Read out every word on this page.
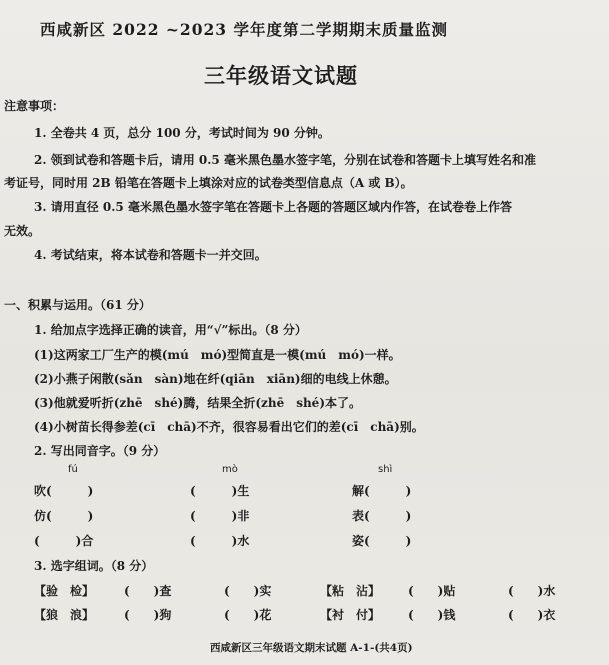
西咸新区 2022 ~2023 学年度第二学期期末质量监测
三年级语文试题
注意事项：
1. 全卷共 4 页，总分 100 分，考试时间为 90 分钟。
2. 领到试卷和答题卡后，请用 0.5 毫米黑色墨水签字笔，分别在试卷和答题卡上填写姓名和准
考证号，同时用 2B 铅笔在答题卡上填涂对应的试卷类型信息点（A 或 B）。
3. 请用直径 0.5 毫米黑色墨水签字笔在答题卡上各题的答题区域内作答，在试卷卷上作答
无效。
4. 考试结束，将本试卷和答题卡一并交回。
一、积累与运用。（61 分）
1. 给加点字选择正确的读音，用“√”标出。（8 分）
(1)这两家工厂生产的模(mú　mó)型简直是一模(mú　mó)一样。
(2)小燕子闲散(sǎn　sàn)地在纤(qiān　xiān)细的电线上休憩。
(3)他就爱听折(zhē　shé)腾，结果全折(zhē　shé)本了。
(4)小树苗长得参差(cī　chā)不齐，很容易看出它们的差(cī　chā)别。
2. 写出同音字。（9 分）
fú	mò	shì
吹(　　　)	(　　　)生	解(　　　)
仿(　　　)	(　　　)非	表(　　　)
(　　　)合	(　　　)水	姿(　　　)
3. 选字组词。（8 分）
【验　检】 (　　)查	(　　)实	【粘　沾】 (　　)贴	(　　)水
【狼　浪】 (　　)狗	(　　)花	【衬　付】 (　　)钱	(　　)衣
西咸新区三年级语文期末试题 A-1-(共4页)
